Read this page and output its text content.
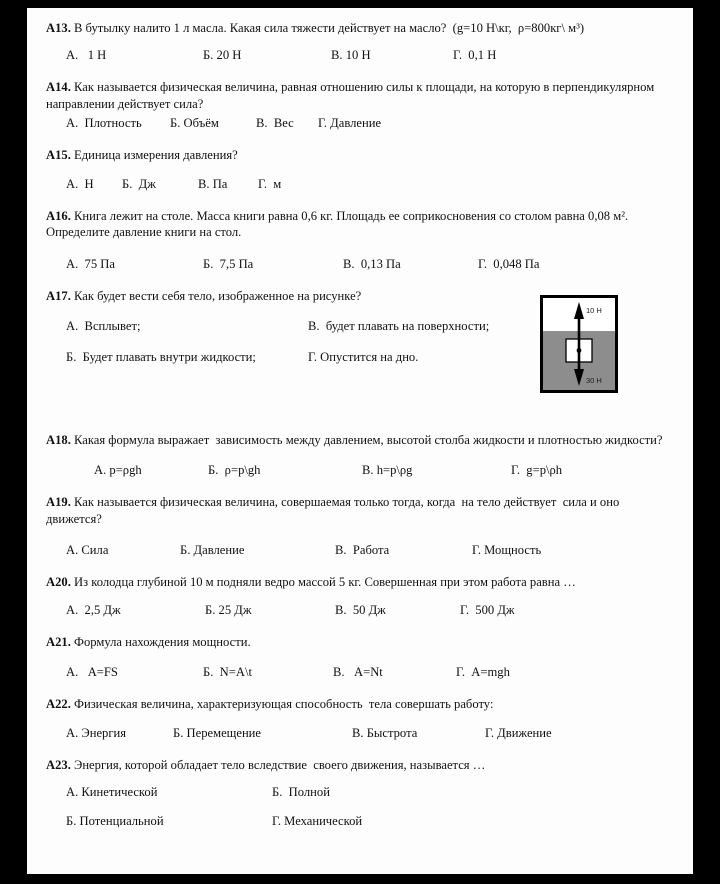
А13. В бутылку налито 1 л масла. Какая сила тяжести действует на масло?  (g=10 Н\кг,  ρ=800кг\ м³)

А.   1 Н	Б. 20 Н	В. 10 Н	Г.  0,1 Н

А14. Как называется физическая величина, равная отношению силы к площади, на которую в перпендикулярном направлении действует сила?

А.  Плотность	Б. Объём	В.  Вес	Г. Давление

А15. Единица измерения давления?

А.  Н	Б.  Дж	В. Па	Г.  м

А16. Книга лежит на столе. Масса книги равна 0,6 кг. Площадь ее соприкосновения со столом равна 0,08 м². Определите давление книги на стол.

А.  75 Па	Б.  7,5 Па	В.  0,13 Па	Г.  0,048 Па

А17. Как будет вести себя тело, изображенное на рисунке?

А.  Всплывет;	В.  будет плавать на поверхности;
Б.  Будет плавать внутри жидкости;	Г. Опустится на дно.
10 Н
30 Н

А18. Какая формула выражает  зависимость между давлением, высотой столба жидкости и плотностью жидкости?

А. p=ρgh	Б.  ρ=p\gh	В. h=p\ρg	Г.  g=p\ρh

А19. Как называется физическая величина, совершаемая только тогда, когда  на тело действует  сила и оно движется?

А. Сила	Б. Давление	В.  Работа	Г. Мощность

А20. Из колодца глубиной 10 м подняли ведро массой 5 кг. Совершенная при этом работа равна …

А.  2,5 Дж	Б. 25 Дж	В.  50 Дж	Г.  500 Дж

А21. Формула нахождения мощности.

А.   A=FS	Б.  N=A\t	В.   A=Nt	Г.  A=mgh

А22. Физическая величина, характеризующая способность  тела совершать работу:

А. Энергия	Б. Перемещение	В. Быстрота	Г. Движение

А23. Энергия, которой обладает тело вследствие  своего движения, называется …

А. Кинетической	Б.  Полной
Б. Потенциальной	Г. Механической
